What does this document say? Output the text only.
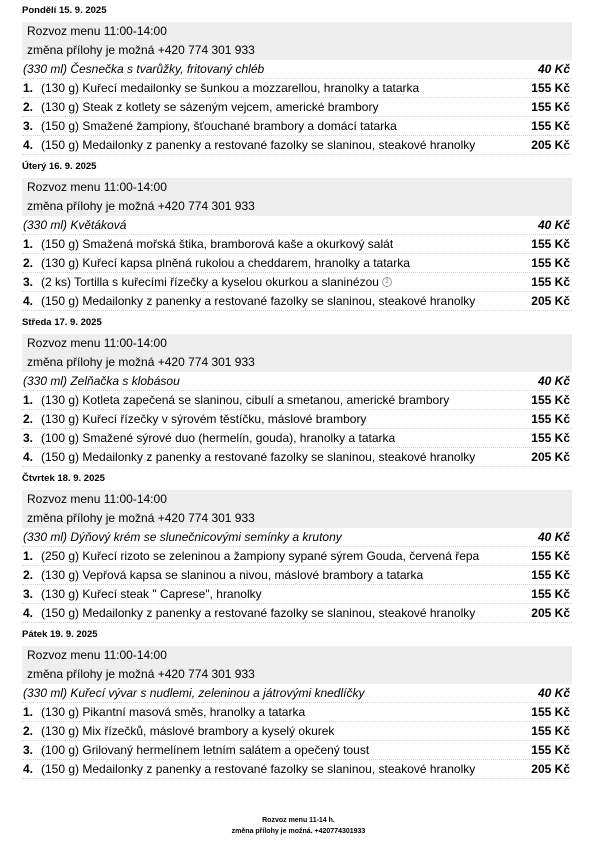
Pondělí 15. 9. 2025
Rozvoz menu 11:00-14:00
změna přílohy je možná +420 774 301 933
(330 ml) Česnečka s tvarůžky, fritovaný chléb	40 Kč
1. (130 g) Kuřecí medailonky se šunkou a mozzarellou, hranolky a tatarka	155 Kč
2. (130 g) Steak z kotlety se sázeným vejcem, americké brambory	155 Kč
3. (150 g) Smažené žampiony, šťouchané brambory a domácí tatarka	155 Kč
4. (150 g) Medailonky z panenky a restované fazolky se slaninou, steakové hranolky	205 Kč
Úterý 16. 9. 2025
Rozvoz menu 11:00-14:00
změna přílohy je možná +420 774 301 933
(330 ml) Květáková	40 Kč
1. (150 g) Smažená mořská štika, bramborová kaše a okurkový salát	155 Kč
2. (130 g) Kuřecí kapsa plněná rukolou a cheddarem, hranolky a tatarka	155 Kč
3. (2 ks) Tortilla s kuřecími řízečky a kyselou okurkou a slaninézou 2	155 Kč
4. (150 g) Medailonky z panenky a restované fazolky se slaninou, steakové hranolky	205 Kč
Středa 17. 9. 2025
Rozvoz menu 11:00-14:00
změna přílohy je možná +420 774 301 933
(330 ml) Zelňačka s klobásou	40 Kč
1. (130 g) Kotleta zapečená se slaninou, cibulí a smetanou, americké brambory	155 Kč
2. (130 g) Kuřecí řízečky v sýrovém těstíčku, máslové brambory	155 Kč
3. (100 g) Smažené sýrové duo (hermelín, gouda), hranolky a tatarka	155 Kč
4. (150 g) Medailonky z panenky a restované fazolky se slaninou, steakové hranolky	205 Kč
Čtvrtek 18. 9. 2025
Rozvoz menu 11:00-14:00
změna přílohy je možná +420 774 301 933
(330 ml) Dýňový krém se slunečnicovými semínky a krutony	40 Kč
1. (250 g) Kuřecí rizoto se zeleninou a žampiony sypané sýrem Gouda, červená řepa	155 Kč
2. (130 g) Vepřová kapsa se slaninou a nivou, máslové brambory a tatarka	155 Kč
3. (130 g) Kuřecí steak " Caprese", hranolky	155 Kč
4. (150 g) Medailonky z panenky a restované fazolky se slaninou, steakové hranolky	205 Kč
Pátek 19. 9. 2025
Rozvoz menu 11:00-14:00
změna přílohy je možná +420 774 301 933
(330 ml) Kuřecí vývar s nudlemi, zeleninou a játrovými knedlíčky	40 Kč
1. (130 g) Pikantní masová směs, hranolky a tatarka	155 Kč
2. (130 g) Mix řízečků, máslové brambory a kyselý okurek	155 Kč
3. (100 g) Grilovaný hermelínem letním salátem a opečený toust	155 Kč
4. (150 g) Medailonky z panenky a restované fazolky se slaninou, steakové hranolky	205 Kč
Rozvoz menu 11-14 h.
změna přílohy je možná. +420774301933
